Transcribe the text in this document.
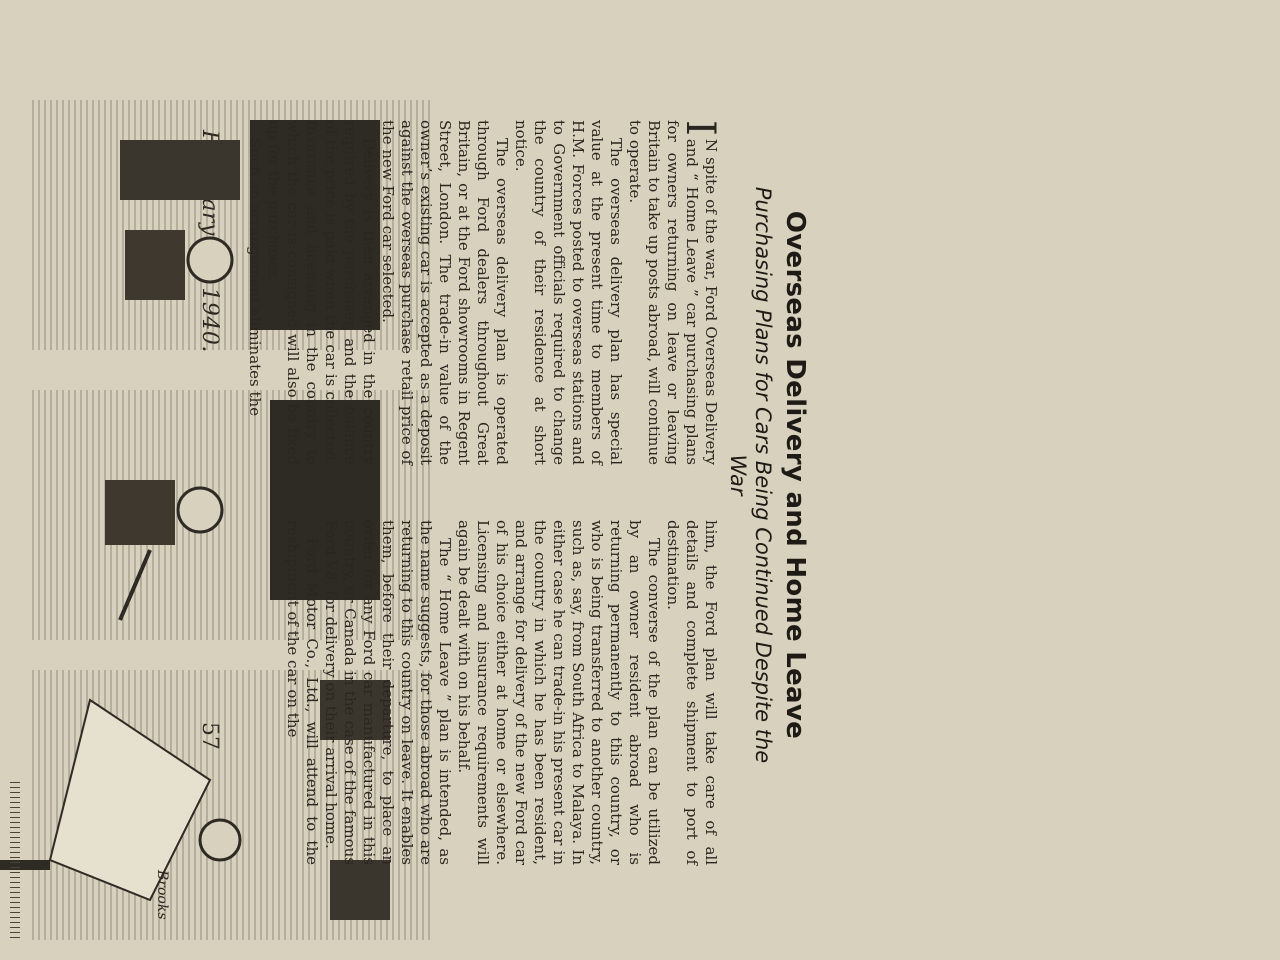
Brooks
Overseas Delivery and Home Leave
Purchasing Plans for Cars Being Continued Despite the War

I
N spite of the war, Ford Overseas Delivery and “ Home Leave ” car purchasing plans for owners returning on leave or leaving Britain to take up posts abroad, will continue to operate.

The overseas delivery plan has special value at the present time to members of H.M. Forces posted to overseas stations and to Government officials required to change the country of their residence at short notice.

The overseas delivery plan is operated through Ford dealers throughout Great Britain, or at the Ford showrooms in Regent Street, London. The trade-in value of the owner’s existing car is accepted as a deposit against the overseas purchase retail price of the new Ford car selected.

Delivery is then arranged in the country required by the purchaser, and the balance of the price is paid when the car is collected. Insurance and licensing in the country to which the car is consigned will also be fixed up for the purchaser.

Such an arrangement eliminates the

him, the Ford plan will take care of all details and complete shipment to port of destination.

The converse of the plan can be utilized by an owner resident abroad who is returning permanently to this country, or who is being transferred to another country, such as, say, from South Africa to Malaya. In either case he can trade-in his present car in the country in which he has been resident, and arrange for delivery of the new Ford car of his choice either at home or elsewhere. Licensing and insurance requirements will again be dealt with on his behalf.

The “ Home Leave ” plan is intended, as the name suggests, for those abroad who are returning to this country on leave. It enables them, before their departure, to place an order for any Ford car manufactured in this country, or Canada in the case of the famous Ford V8, for delivery on their arrival home.

Ford Motor Co., Ltd., will attend to the reshipment of the car on the
